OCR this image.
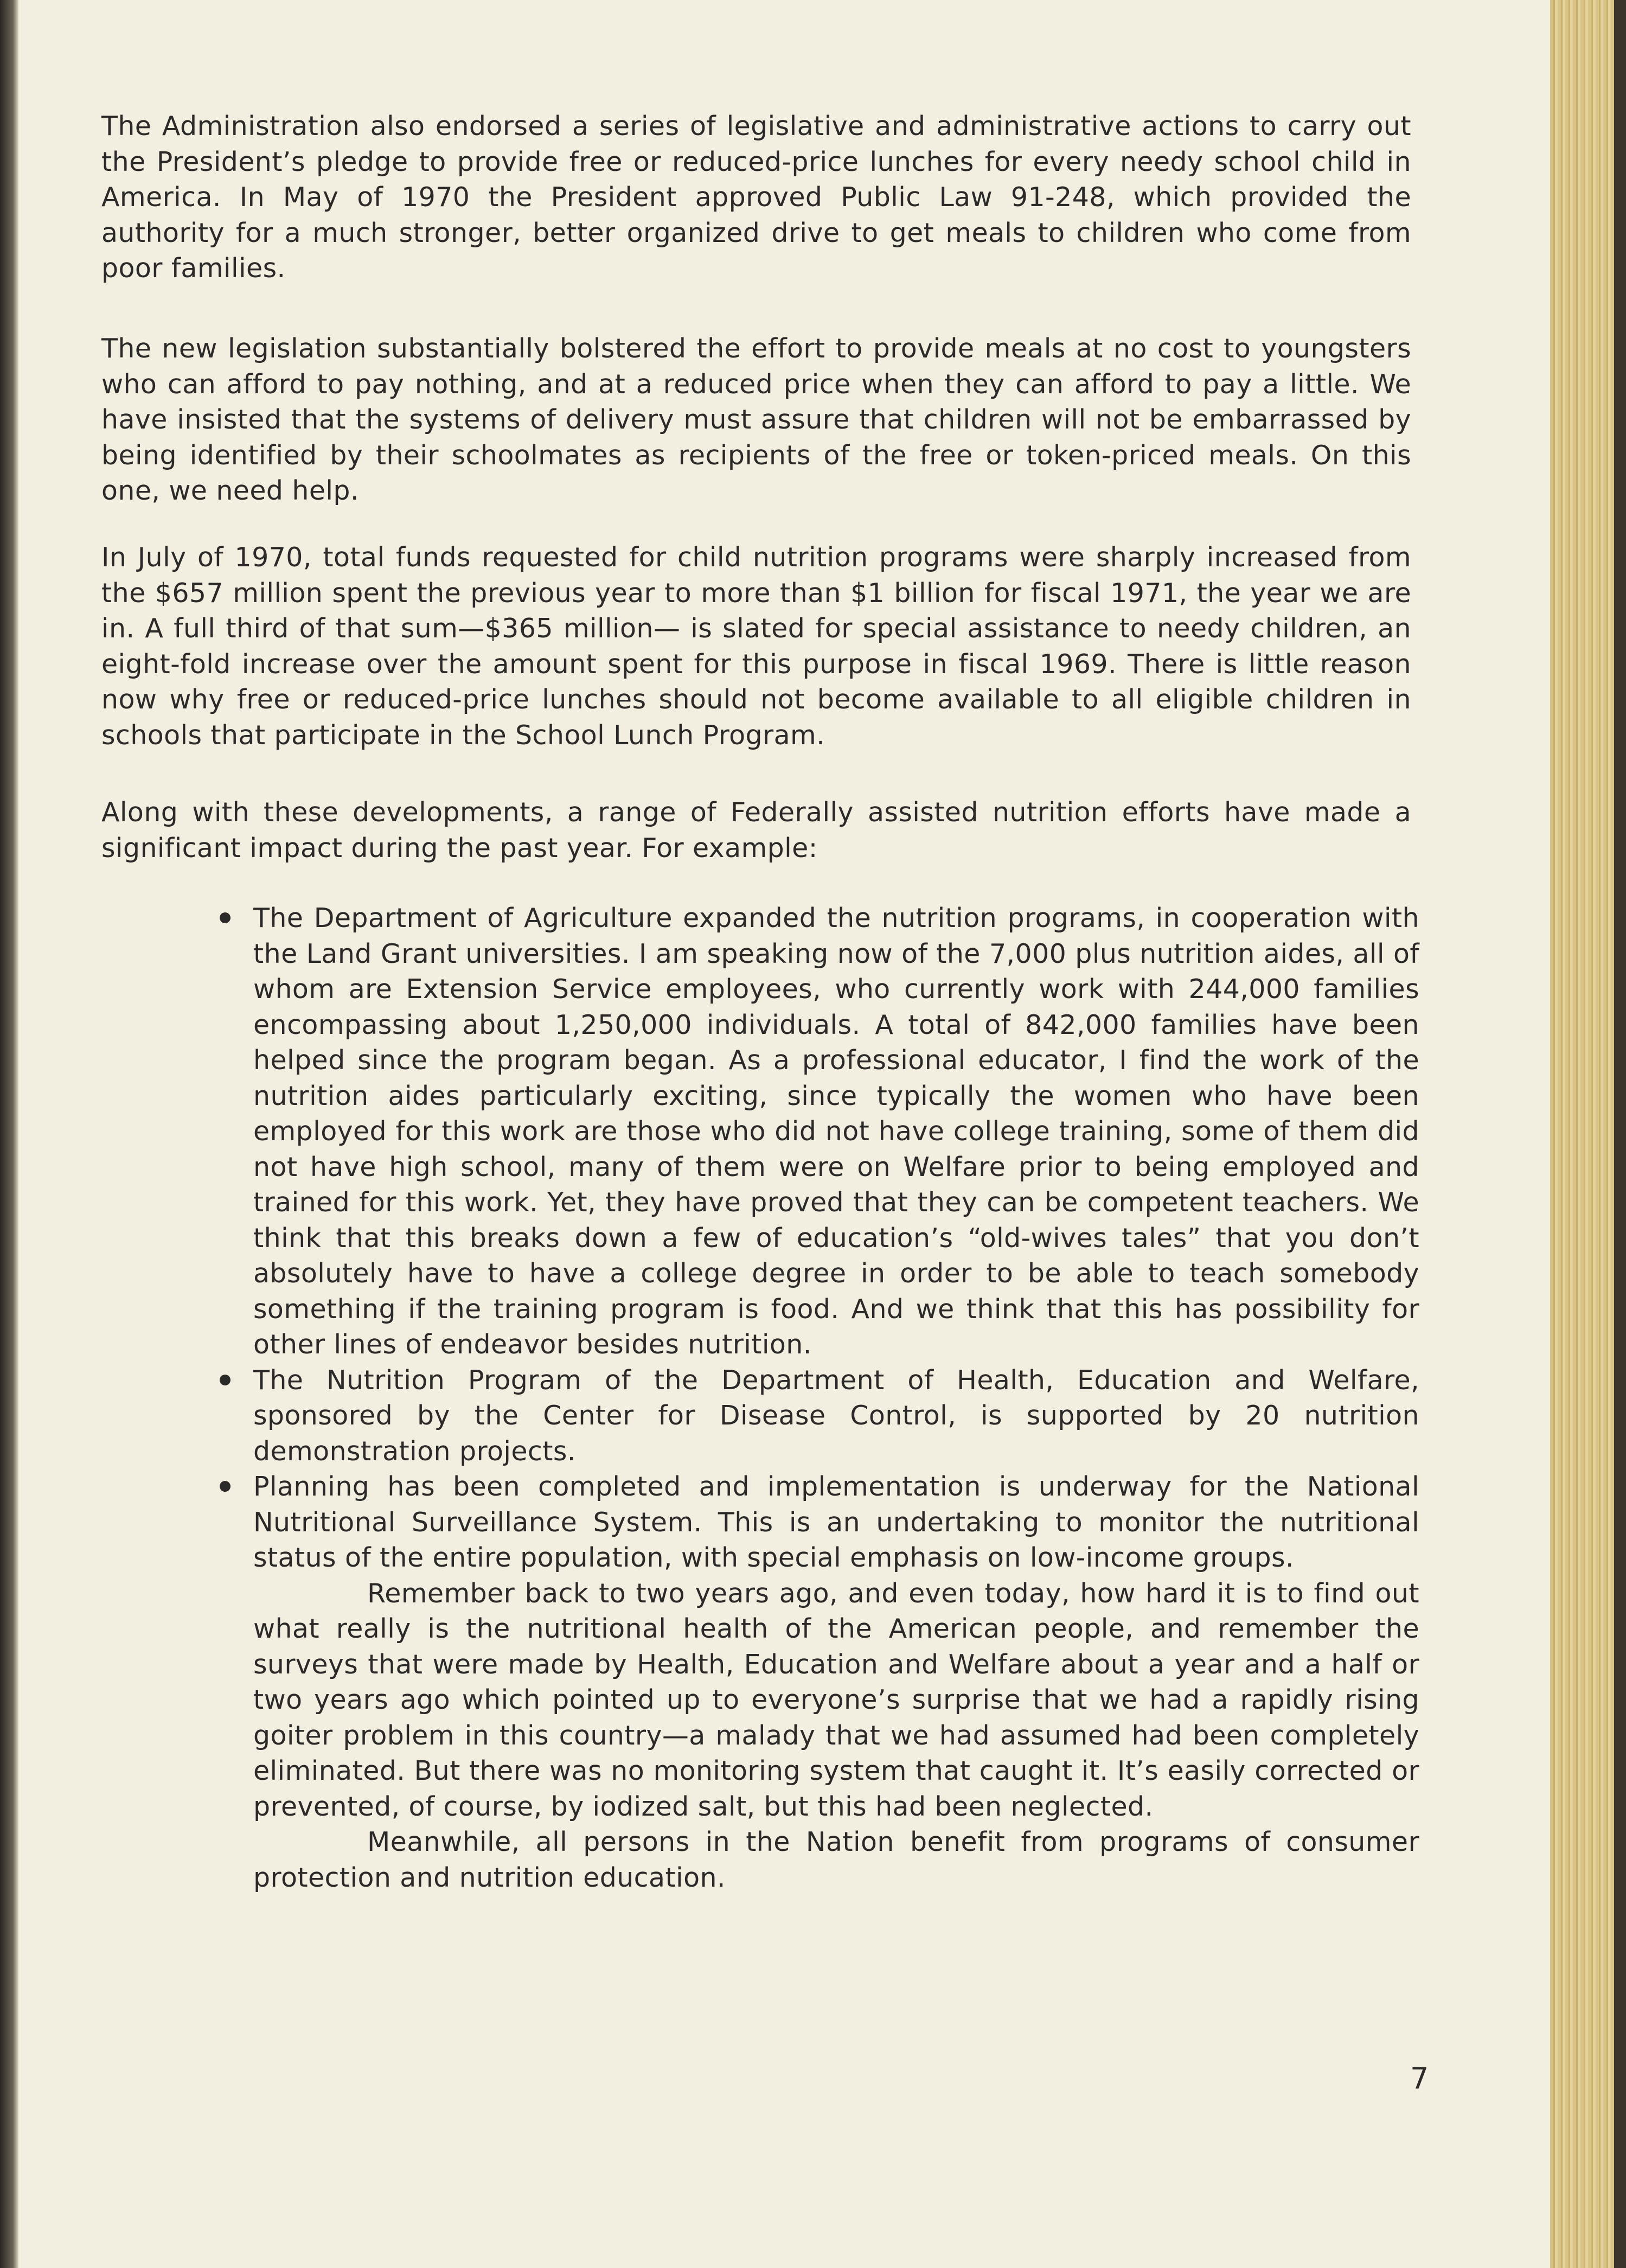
The Administration also endorsed a series of legislative and administrative actions to carry out the President’s pledge to provide free or reduced-price lunches for every needy school child in America. In May of 1970 the President approved Public Law 91-248, which provided the authority for a much stronger, better organized drive to get meals to children who come from poor families.

The new legislation substantially bolstered the effort to provide meals at no cost to youngsters who can afford to pay nothing, and at a reduced price when they can afford to pay a little. We have insisted that the systems of delivery must assure that children will not be embarrassed by being identified by their schoolmates as recipients of the free or token-priced meals. On this one, we need help.

In July of 1970, total funds requested for child nutrition programs were sharply increased from the $657 million spent the previous year to more than $1 billion for fiscal 1971, the year we are in. A full third of that sum—$365 million— is slated for special assistance to needy children, an eight-fold increase over the amount spent for this purpose in fiscal 1969. There is little reason now why free or reduced-price lunches should not become available to all eligible children in schools that participate in the School Lunch Program.

Along with these developments, a range of Federally assisted nutrition efforts have made a significant impact during the past year. For example:

The Department of Agriculture expanded the nutrition programs, in cooperation with the Land Grant universities. I am speaking now of the 7,000 plus nutrition aides, all of whom are Extension Service employees, who currently work with 244,000 families encompassing about 1,250,000 individuals. A total of 842,000 families have been helped since the program began. As a professional educator, I find the work of the nutrition aides particularly exciting, since typically the women who have been employed for this work are those who did not have college training, some of them did not have high school, many of them were on Welfare prior to being employed and trained for this work. Yet, they have proved that they can be competent teachers. We think that this breaks down a few of education’s “old-wives tales” that you don’t absolutely have to have a college degree in order to be able to teach somebody something if the training program is food. And we think that this has possibility for other lines of endeavor besides nutrition.
The Nutrition Program of the Department of Health, Education and Welfare, sponsored by the Center for Disease Control, is supported by 20 nutrition demonstration projects.
Planning has been completed and implementation is underway for the National Nutritional Surveillance System. This is an undertaking to monitor the nutritional status of the entire population, with special emphasis on low-income groups.

Remember back to two years ago, and even today, how hard it is to find out what really is the nutritional health of the American people, and remember the surveys that were made by Health, Education and Welfare about a year and a half or two years ago which pointed up to everyone’s surprise that we had a rapidly rising goiter problem in this country—a malady that we had assumed had been completely eliminated. But there was no monitoring system that caught it. It’s easily corrected or prevented, of course, by iodized salt, but this had been neglected.

Meanwhile, all persons in the Nation benefit from programs of consumer protection and nutrition education.

7
